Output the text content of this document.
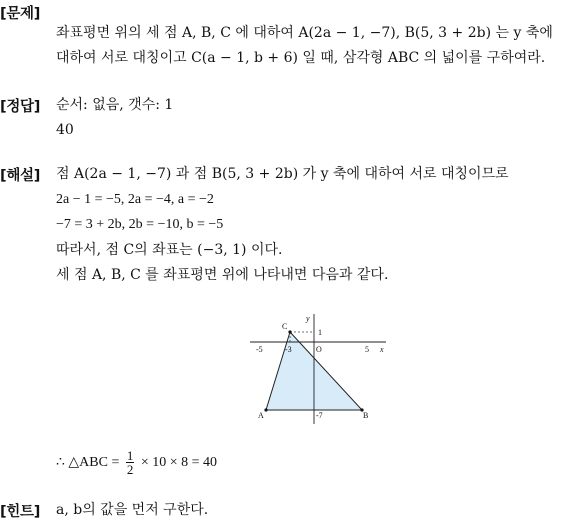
[문제]
좌표평면 위의 세 점 A, B, C 에 대하여 A(2a − 1, −7), B(5, 3 + 2b) 는 y 축에
대하여 서로 대칭이고 C(a − 1, b + 6) 일 때, 삼각형 ABC 의 넓이를 구하여라.
[정답] 순서: 없음, 갯수: 1
40
[해설] 점 A(2a − 1, −7) 과 점 B(5, 3 + 2b) 가 y 축에 대하여 서로 대칭이므로
2a − 1 = −5, 2a = −4, a = −2
−7 = 3 + 2b, 2b = −10, b = −5
따라서, 점 C의 좌표는 (−3, 1) 이다.
세 점 A, B, C 를 좌표평면 위에 나타내면 다음과 같다.
C
y
1
-5	-3	O	5 x
A	-7	B
∴ △ABC = $\frac{1}{2} \times 10 \times 8 = 40$
[힌트] a, b의 값을 먼저 구한다.
